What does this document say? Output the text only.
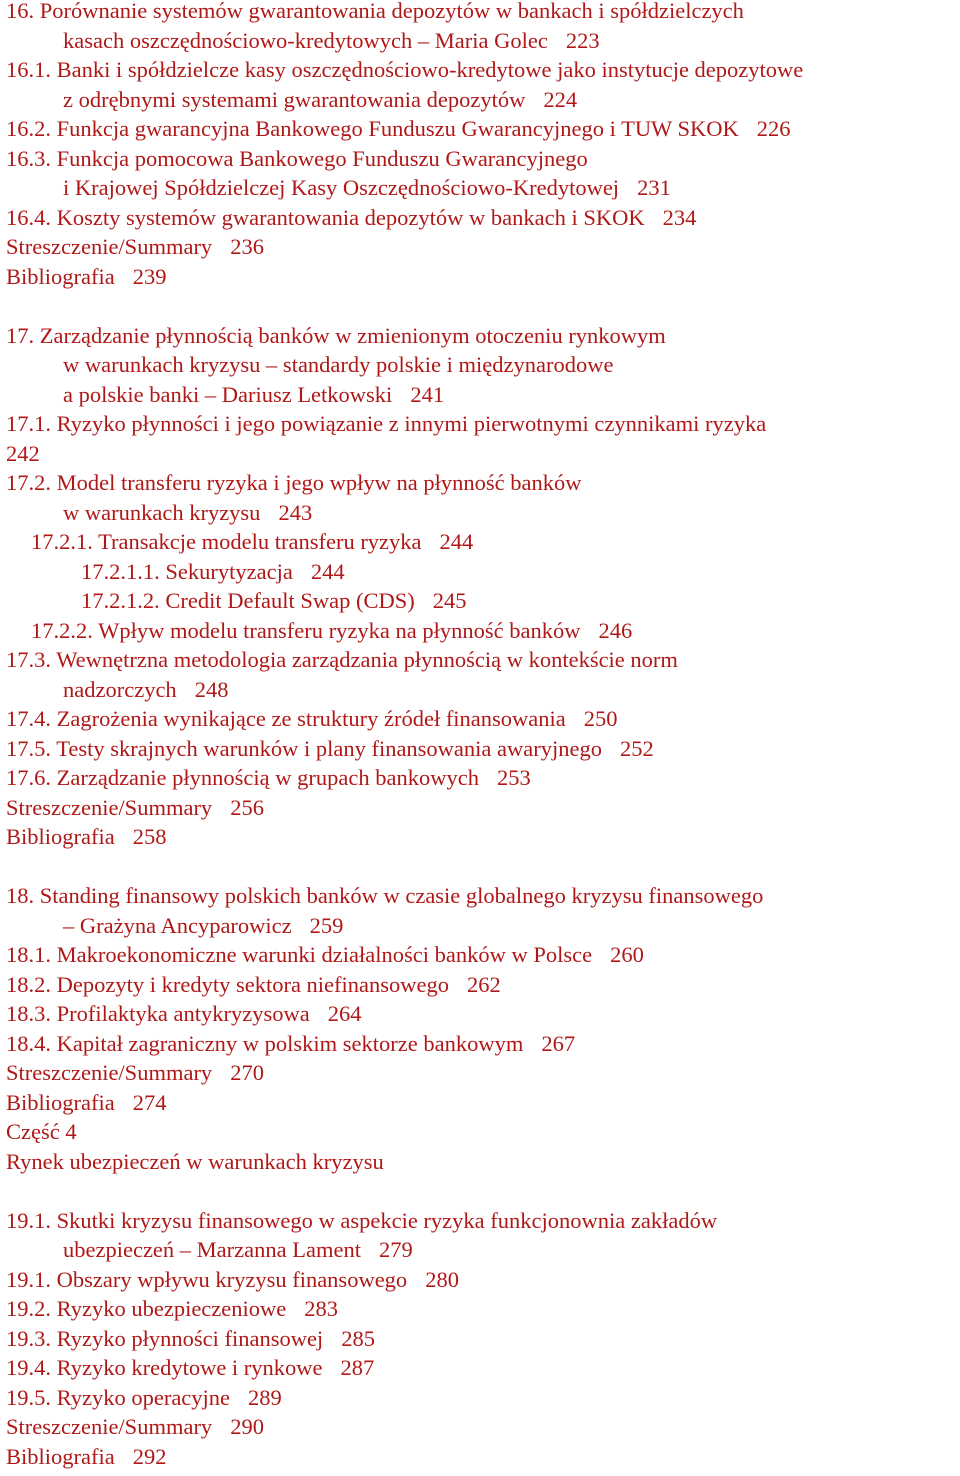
16. Porównanie systemów gwarantowania depozytów w bankach i spółdzielczych
kasach oszczędnościowo-kredytowych – Maria Golec 223
16.1. Banki i spółdzielcze kasy oszczędnościowo-kredytowe jako instytucje depozytowe
z odrębnymi systemami gwarantowania depozytów 224
16.2. Funkcja gwarancyjna Bankowego Funduszu Gwarancyjnego i TUW SKOK 226
16.3. Funkcja pomocowa Bankowego Funduszu Gwarancyjnego
i Krajowej Spółdzielczej Kasy Oszczędnościowo-Kredytowej 231
16.4. Koszty systemów gwarantowania depozytów w bankach i SKOK 234
Streszczenie/Summary 236
Bibliografia 239
17. Zarządzanie płynnością banków w zmienionym otoczeniu rynkowym
w warunkach kryzysu – standardy polskie i międzynarodowe
a polskie banki – Dariusz Letkowski 241
17.1. Ryzyko płynności i jego powiązanie z innymi pierwotnymi czynnikami ryzyka
242
17.2. Model transferu ryzyka i jego wpływ na płynność banków
w warunkach kryzysu 243
17.2.1. Transakcje modelu transferu ryzyka 244
17.2.1.1. Sekurytyzacja 244
17.2.1.2. Credit Default Swap (CDS) 245
17.2.2. Wpływ modelu transferu ryzyka na płynność banków 246
17.3. Wewnętrzna metodologia zarządzania płynnością w kontekście norm
nadzorczych 248
17.4. Zagrożenia wynikające ze struktury źródeł finansowania 250
17.5. Testy skrajnych warunków i plany finansowania awaryjnego 252
17.6. Zarządzanie płynnością w grupach bankowych 253
Streszczenie/Summary 256
Bibliografia 258
18. Standing finansowy polskich banków w czasie globalnego kryzysu finansowego
– Grażyna Ancyparowicz 259
18.1. Makroekonomiczne warunki działalności banków w Polsce 260
18.2. Depozyty i kredyty sektora niefinansowego 262
18.3. Profilaktyka antykryzysowa 264
18.4. Kapitał zagraniczny w polskim sektorze bankowym 267
Streszczenie/Summary 270
Bibliografia 274
Część 4
Rynek ubezpieczeń w warunkach kryzysu
19.1. Skutki kryzysu finansowego w aspekcie ryzyka funkcjonownia zakładów
ubezpieczeń – Marzanna Lament 279
19.1. Obszary wpływu kryzysu finansowego 280
19.2. Ryzyko ubezpieczeniowe 283
19.3. Ryzyko płynności finansowej 285
19.4. Ryzyko kredytowe i rynkowe 287
19.5. Ryzyko operacyjne 289
Streszczenie/Summary 290
Bibliografia 292
